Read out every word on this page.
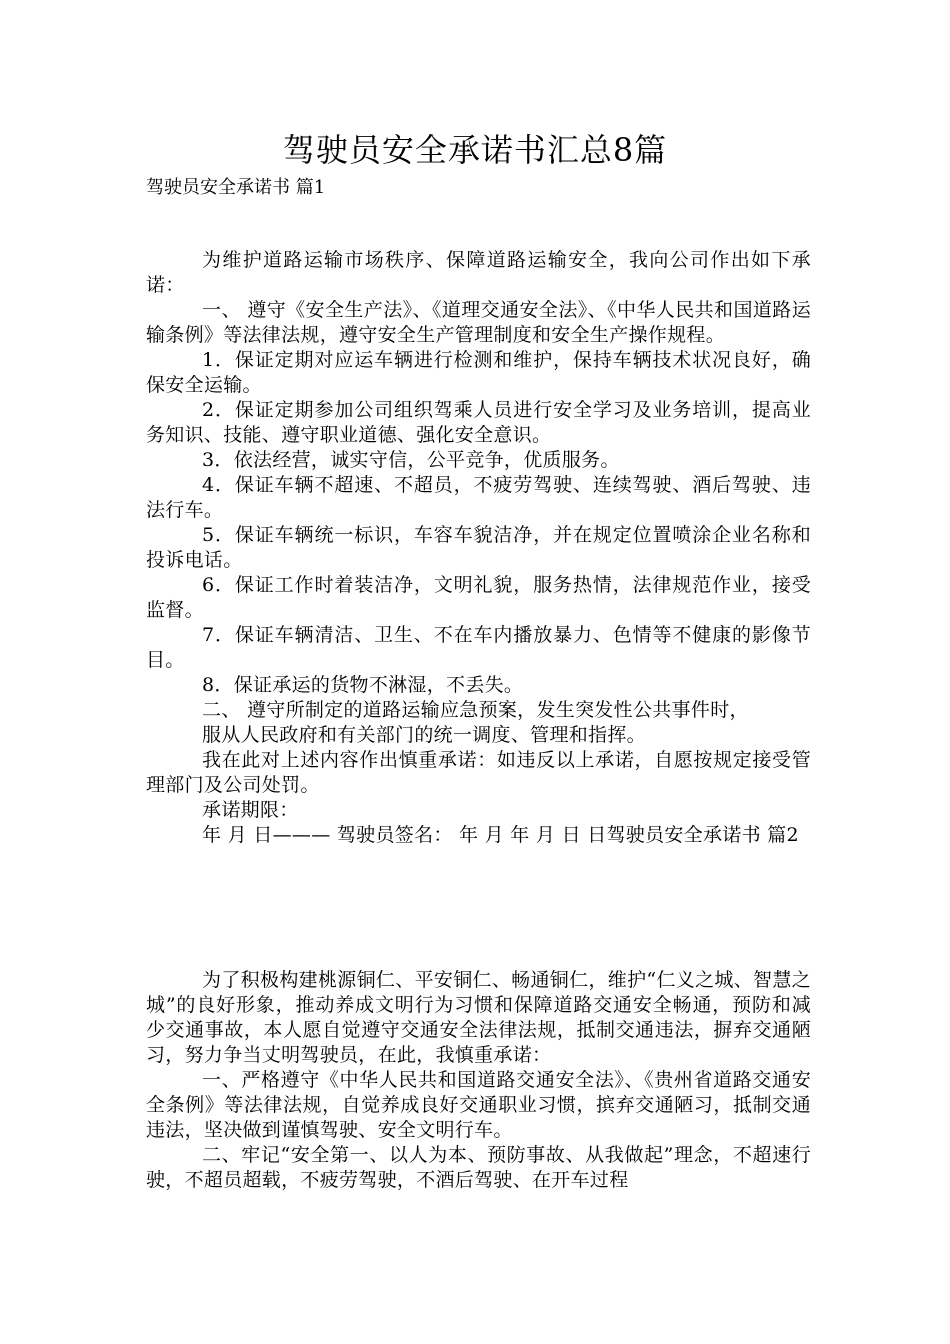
驾驶员安全承诺书汇总8篇
驾驶员安全承诺书 篇1

为维护道路运输市场秩序、保障道路运输安全，我向公司作出如下承诺：

一、 遵守《安全生产法》、《道理交通安全法》、《中华人民共和国道路运输条例》等法律法规，遵守安全生产管理制度和安全生产操作规程。

1．保证定期对应运车辆进行检测和维护，保持车辆技术状况良好，确保安全运输。

2．保证定期参加公司组织驾乘人员进行安全学习及业务培训，提高业务知识、技能、遵守职业道德、强化安全意识。

3．依法经营，诚实守信，公平竞争，优质服务。

4．保证车辆不超速、不超员，不疲劳驾驶、连续驾驶、酒后驾驶、违法行车。

5．保证车辆统一标识，车容车貌洁净，并在规定位置喷涂企业名称和投诉电话。

6．保证工作时着装洁净，文明礼貌，服务热情，法律规范作业，接受监督。

7．保证车辆清洁、卫生、不在车内播放暴力、色情等不健康的影像节目。

8．保证承运的货物不淋湿，不丢失。

二、 遵守所制定的道路运输应急预案，发生突发性公共事件时，

服从人民政府和有关部门的统一调度、管理和指挥。

我在此对上述内容作出慎重承诺：如违反以上承诺，自愿按规定接受管理部门及公司处罚。

承诺期限：

年 月 日——— 驾驶员签名： 年 月 年 月 日 日驾驶员安全承诺书 篇2

为了积极构建桃源铜仁、平安铜仁、畅通铜仁，维护“仁义之城、智慧之城”的良好形象，推动养成文明行为习惯和保障道路交通安全畅通，预防和减少交通事故，本人愿自觉遵守交通安全法律法规，抵制交通违法，摒弃交通陋习，努力争当丈明驾驶员，在此，我慎重承诺：

一、严格遵守《中华人民共和国道路交通安全法》、《贵州省道路交通安全条例》等法律法规，自觉养成良好交通职业习惯，摈弃交通陋习，抵制交通违法，坚决做到谨慎驾驶、安全文明行车。

二、牢记“安全第一、以人为本、预防事故、从我做起”理念，不超速行驶，不超员超载，不疲劳驾驶，不酒后驾驶、在开车过程
